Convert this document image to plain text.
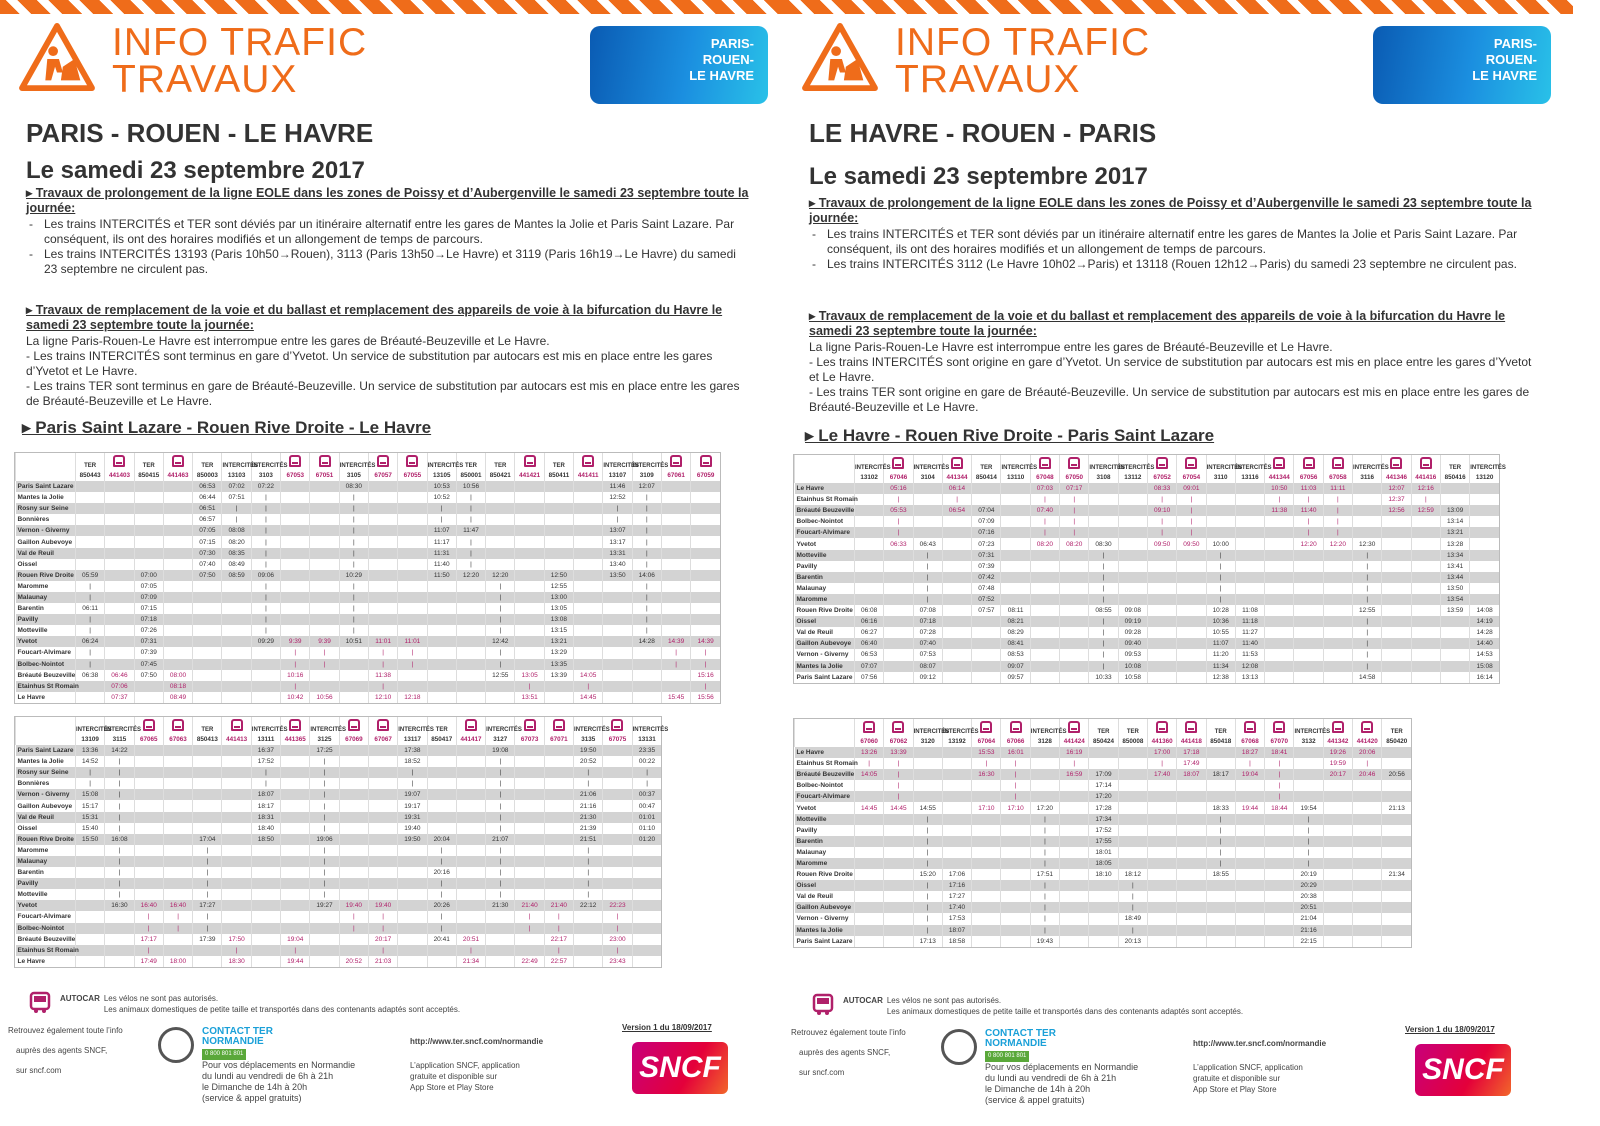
INFO TRAFIC
TRAVAUX
PARIS-
ROUEN-
LE HAVRE
PARIS - ROUEN - LE HAVRE
Le samedi 23 septembre 2017
▸ Travaux de prolongement de la ligne EOLE dans les zones de Poissy et d’Aubergenville le samedi 23 septembre toute la journée:
- Les trains INTERCITÉS et TER sont déviés par un itinéraire alternatif entre les gares de Mantes la Jolie et Paris Saint Lazare. Par conséquent, ils ont des horaires modifiés et un allongement de temps de parcours.
- Les trains INTERCITÉS 13193 (Paris 10h50→Rouen), 3113 (Paris 13h50→Le Havre) et 3119 (Paris 16h19→Le Havre) du samedi 23 septembre ne circulent pas.
▸ Travaux de remplacement de la voie et du ballast et remplacement des appareils de voie à la bifurcation du Havre le samedi 23 septembre toute la journée:

La ligne Paris-Rouen-Le Havre est interrompue entre les gares de Bréauté-Beuzeville et Le Havre.

- Les trains INTERCITÉS sont terminus en gare d’Yvetot. Un service de substitution par autocars est mis en place entre les gares d’Yvetot et Le Havre.

- Les trains TER sont terminus en gare de Bréauté-Beuzeville. Un service de substitution par autocars est mis en place entre les gares de Bréauté-Beuzeville et Le Havre.

▸ Paris Saint Lazare - Rouen Rive Droite - Le Havre
	TER		TER		TER	INTERCITÉS	INTERCITÉS			INTERCITÉS			INTERCITÉS	TER	TER		TER		INTERCITÉS	INTERCITÉS		
	850443	441403	850415	441463	850003	13103	3103	67053	67051	3105	67057	67055	13105	850001	850421	441421	850411	441411	13107	3109	67061	67059
Paris Saint Lazare					06:53	07:02	07:22			08:30			10:53	10:56					11:46	12:07		
Mantes la Jolie					06:44	07:51	|			|			10:52	|					12:52	|		
Rosny sur Seine					06:51	|	|			|			|	|					|	|		
Bonnières					06:57	|	|			|			|	|					|	|		
Vernon - Giverny					07:05	08:08	|			|			11:07	11:47					13:07	|		
Gaillon Aubevoye					07:15	08:20	|			|			11:17	|					13:17	|		
Val de Reuil					07:30	08:35	|			|			11:31	|					13:31	|		
Oissel					07:40	08:49	|			|			11:40	|					13:40	|		
Rouen Rive Droite	05:59		07:00		07:50	08:59	09:06			10:29			11:50	12:20	12:20		12:50		13:50	14:06		
Maromme	|		07:05				|			|					|		12:55			|		
Malaunay	|		07:09				|			|					|		13:00			|		
Barentin	06:11		07:15				|			|					|		13:05			|		
Pavilly	|		07:18				|			|					|		13:08			|		
Motteville	|		07:26				|			|					|		13:15			|		
Yvetot	06:24		07:31				09:29	9:39	9:39	10:51	11:01	11:01			12:42		13:21			14:28	14:39	14:39
Foucart-Alvimare	|		07:39					|	|		|	|			|		13:29				|	|
Bolbec-Nointot	|		07:45					|	|		|	|			|		13:35				|	|
Bréauté Beuzeville	06:38	06:46	07:50	08:00				10:16			11:38				12:55	13:05	13:39	14:05				15:16
Etainhus St Romain		07:06		08:18				|			|					|		|				|
Le Havre		07:37		08:49				10:42	10:56		12:10	12:18				13:51		14:45			15:45	15:56
	INTERCITÉS	INTERCITÉS			TER		INTERCITÉS		INTERCITÉS			INTERCITÉS	TER		INTERCITÉS			INTERCITÉS		INTERCITÉS
	13109	3115	67065	67063	850413	441413	13111	441365	3125	67069	67067	13117	850417	441417	3127	67073	67071	3135	67075	13131
Paris Saint Lazare	13:36	14:22					16:37		17:25			17:38			19:08			19:50		23:35
Mantes la Jolie	14:52	|					17:52		|			18:52			|			20:52		00:22
Rosny sur Seine	|	|					|		|			|			|			|		|
Bonnières	|	|					|		|			|			|			|		|
Vernon - Giverny	15:08	|					18:07		|			19:07			|			21:06		00:37
Gaillon Aubevoye	15:17	|					18:17		|			19:17			|			21:16		00:47
Val de Reuil	15:31	|					18:31		|			19:31			|			21:30		01:01
Oissel	15:40	|					18:40		|			19:40			|			21:39		01:10
Rouen Rive Droite	15:50	16:08			17:04		18:50		19:06			19:50	20:04		21:07			21:51		01:20
Maromme		|			|				|				|		|			|		
Malaunay		|			|				|				|		|			|		
Barentin		|			|				|				20:16		|			|		
Pavilly		|			|				|				|		|			|		
Motteville		|			|				|				|		|			|		
Yvetot		16:30	16:40	16:40	17:27				19:27	19:40	19:40		20:26		21:30	21:40	21:40	22:12	22:23	
Foucart-Alvimare			|	|	|					|	|		|			|	|		|	
Bolbec-Nointot			|	|	|					|	|		|			|	|		|	
Bréauté Beuzeville			17:17		17:39	17:50		19:04			20:17		20:41	20:51			22:17		23:00	
Etainhus St Romain			|			|		|			|			|			|		|	
Le Havre			17:49	18:00		18:30		19:44		20:52	21:03			21:34		22:49	22:57		23:43	
AUTOCAR Les vélos ne sont pas autorisés.
Les animaux domestiques de petite taille et transportés dans des contenants adaptés sont acceptés.
Retrouvez également toute l’info
auprès des agents SNCF,
sur sncf.com
CONTACT TER
NORMANDIE
0 800 801 801
Pour vos déplacements en Normandie
du lundi au vendredi de 6h à 21h
le Dimanche de 14h à 20h
(service & appel gratuits)
http://www.ter.sncf.com/normandie
L’application SNCF, application
gratuite et disponible sur
App Store et Play Store
Version 1 du 18/09/2017
SNCF
INFO TRAFIC
TRAVAUX
PARIS-
ROUEN-
LE HAVRE
LE HAVRE - ROUEN - PARIS
Le samedi 23 septembre 2017
▸ Travaux de prolongement de la ligne EOLE dans les zones de Poissy et d’Aubergenville le samedi 23 septembre toute la journée:
- Les trains INTERCITÉS et TER sont déviés par un itinéraire alternatif entre les gares de Mantes la Jolie et Paris Saint Lazare. Par conséquent, ils ont des horaires modifiés et un allongement de temps de parcours.
- Les trains INTERCITÉS 3112 (Le Havre 10h02→Paris) et 13118 (Rouen 12h12→Paris) du samedi 23 septembre ne circulent pas.
▸ Travaux de remplacement de la voie et du ballast et remplacement des appareils de voie à la bifurcation du Havre le samedi 23 septembre toute la journée:

La ligne Paris-Rouen-Le Havre est interrompue entre les gares de Bréauté-Beuzeville et Le Havre.

- Les trains INTERCITÉS sont origine en gare d’Yvetot. Un service de substitution par autocars est mis en place entre les gares d’Yvetot et Le Havre.

- Les trains TER sont origine en gare de Bréauté-Beuzeville. Un service de substitution par autocars est mis en place entre les gares de Bréauté-Beuzeville et Le Havre.

▸ Le Havre - Rouen Rive Droite - Paris Saint Lazare
	INTERCITÉS		INTERCITÉS		TER	INTERCITÉS			INTERCITÉS	INTERCITÉS			INTERCITÉS	INTERCITÉS				INTERCITÉS			TER	INTERCITÉS
	13102	67046	3104	441344	850414	13110	67048	67050	3108	13112	67052	67054	3110	13116	441344	67056	67058	3116	441346	441416	850416	13120
Le Havre		05:16		06:14			07:03	07:17			08:33	09:01			10:50	11:03	11:11		12:07	12:16		
Etainhus St Romain		|		|			|	|			|	|			|	|	|		12:37	|		
Bréauté Beuzeville		05:53		06:54	07:04		07:40	|			09:10	|			11:38	11:40	|		12:56	12:59	13:09	
Bolbec-Nointot		|			07:09		|	|			|	|				|	|				13:14	
Foucart-Alvimare		|			07:16		|	|			|	|				|	|				13:21	
Yvetot		06:33	06:43		07:23		08:20	08:20	08:30		09:50	09:50	10:00			12:20	12:20	12:30			13:28	
Motteville			|		07:31				|				|					|			13:34	
Pavilly			|		07:39				|				|					|			13:41	
Barentin			|		07:42				|				|					|			13:44	
Malaunay			|		07:48				|				|					|			13:50	
Maromme			|		07:52				|				|					|			13:54	
Rouen Rive Droite	06:08		07:08		07:57	08:11			08:55	09:08			10:28	11:08				12:55			13:59	14:08
Oissel	06:16		07:18			08:21			|	09:19			10:36	11:18				|				14:19
Val de Reuil	06:27		07:28			08:29			|	09:28			10:55	11:27				|				14:28
Gaillon Aubevoye	06:40		07:40			08:41			|	09:40			11:07	11:40				|				14:40
Vernon - Giverny	06:53		07:53			08:53			|	09:53			11:20	11:53				|				14:53
Mantes la Jolie	07:07		08:07			09:07			|	10:08			11:34	12:08				|				15:08
Paris Saint Lazare	07:56		09:12			09:57			10:33	10:58			12:38	13:13				14:58				16:14
			INTERCITÉS	INTERCITÉS			INTERCITÉS		TER	TER			TER			INTERCITÉS			TER
	67060	67062	3120	13192	67064	67066	3128	441424	850424	850008	441360	441418	850418	67068	67070	3132	441342	441420	850420
Le Havre	13:26	13:39			15:53	16:01		16:19			17:00	17:18		18:27	18:41		19:26	20:06	
Etainhus St Romain	|	|			|	|		|			|	17:49		|	|		19:59	|	
Bréauté Beuzeville	14:05	|			16:30	|		16:59	17:09		17:40	18:07	18:17	19:04	|		20:17	20:46	20:56
Bolbec-Nointot		|				|			17:14						|				
Foucart-Alvimare		|				|			17:20						|				
Yvetot	14:45	14:45	14:55		17:10	17:10	17:20		17:28				18:33	19:44	18:44	19:54			21:13
Motteville			|				|		17:34				|			|			
Pavilly			|				|		17:52				|			|			
Barentin			|				|		17:55				|			|			
Malaunay			|				|		18:01				|			|			
Maromme			|				|		18:05				|			|			
Rouen Rive Droite			15:20	17:06			17:51		18:10	18:12			18:55			20:19			21:34
Oissel			|	17:16			|			|						20:29			
Val de Reuil			|	17:27			|			|						20:38			
Gaillon Aubevoye			|	17:40			|			|						20:51			
Vernon - Giverny			|	17:53			|			18:49						21:04			
Mantes la Jolie			|	18:07			|			|						21:16			
Paris Saint Lazare			17:13	18:58			19:43			20:13						22:15			
AUTOCAR Les vélos ne sont pas autorisés.
Les animaux domestiques de petite taille et transportés dans des contenants adaptés sont acceptés.
Retrouvez également toute l’info
auprès des agents SNCF,
sur sncf.com
CONTACT TER
NORMANDIE
0 800 801 801
Pour vos déplacements en Normandie
du lundi au vendredi de 6h à 21h
le Dimanche de 14h à 20h
(service & appel gratuits)
http://www.ter.sncf.com/normandie
L’application SNCF, application
gratuite et disponible sur
App Store et Play Store
Version 1 du 18/09/2017
SNCF
